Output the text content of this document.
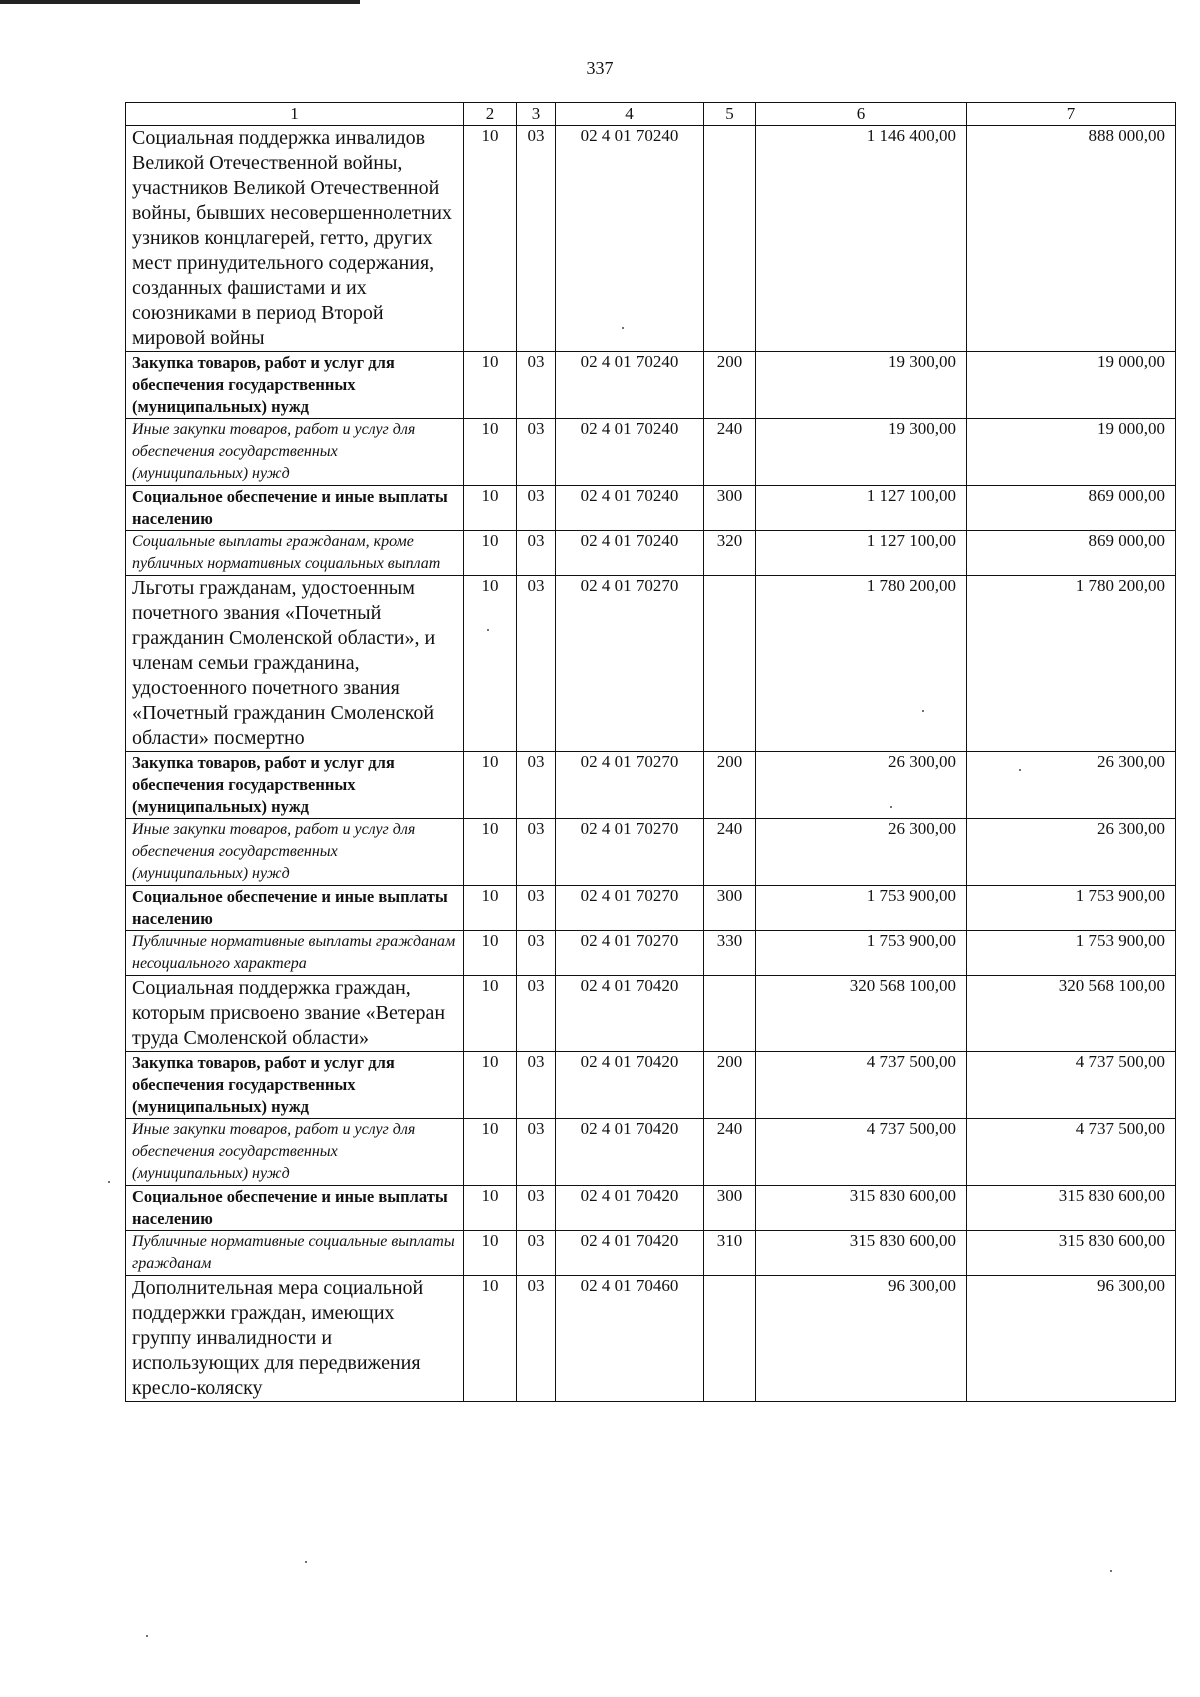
337
1	2	3	4	5	6	7
Социальная поддержка инвалидов Великой Отечественной войны, участников Великой Отечественной войны, бывших несовершеннолетних узников концлагерей, гетто, других мест принудительного содержания, созданных фашистами и их союзниками в период Второй мировой войны	10	03	02 4 01 70240		1 146 400,00	888 000,00
Закупка товаров, работ и услуг для обеспечения государственных (муниципальных) нужд	10	03	02 4 01 70240	200	19 300,00	19 000,00
Иные закупки товаров, работ и услуг для обеспечения государственных (муниципальных) нужд	10	03	02 4 01 70240	240	19 300,00	19 000,00
Социальное обеспечение и иные выплаты населению	10	03	02 4 01 70240	300	1 127 100,00	869 000,00
Социальные выплаты гражданам, кроме публичных нормативных социальных выплат	10	03	02 4 01 70240	320	1 127 100,00	869 000,00
Льготы гражданам, удостоенным почетного звания «Почетный гражданин Смоленской области», и членам семьи гражданина, удостоенного почетного звания «Почетный гражданин Смоленской области» посмертно	10	03	02 4 01 70270		1 780 200,00	1 780 200,00
Закупка товаров, работ и услуг для обеспечения государственных (муниципальных) нужд	10	03	02 4 01 70270	200	26 300,00	26 300,00
Иные закупки товаров, работ и услуг для обеспечения государственных (муниципальных) нужд	10	03	02 4 01 70270	240	26 300,00	26 300,00
Социальное обеспечение и иные выплаты населению	10	03	02 4 01 70270	300	1 753 900,00	1 753 900,00
Публичные нормативные выплаты гражданам несоциального характера	10	03	02 4 01 70270	330	1 753 900,00	1 753 900,00
Социальная поддержка граждан, которым присвоено звание «Ветеран труда Смоленской области»	10	03	02 4 01 70420		320 568 100,00	320 568 100,00
Закупка товаров, работ и услуг для обеспечения государственных (муниципальных) нужд	10	03	02 4 01 70420	200	4 737 500,00	4 737 500,00
Иные закупки товаров, работ и услуг для обеспечения государственных (муниципальных) нужд	10	03	02 4 01 70420	240	4 737 500,00	4 737 500,00
Социальное обеспечение и иные выплаты населению	10	03	02 4 01 70420	300	315 830 600,00	315 830 600,00
Публичные нормативные социальные выплаты гражданам	10	03	02 4 01 70420	310	315 830 600,00	315 830 600,00
Дополнительная мера социальной поддержки граждан, имеющих группу инвалидности и использующих для передвижения кресло-коляску	10	03	02 4 01 70460		96 300,00	96 300,00
